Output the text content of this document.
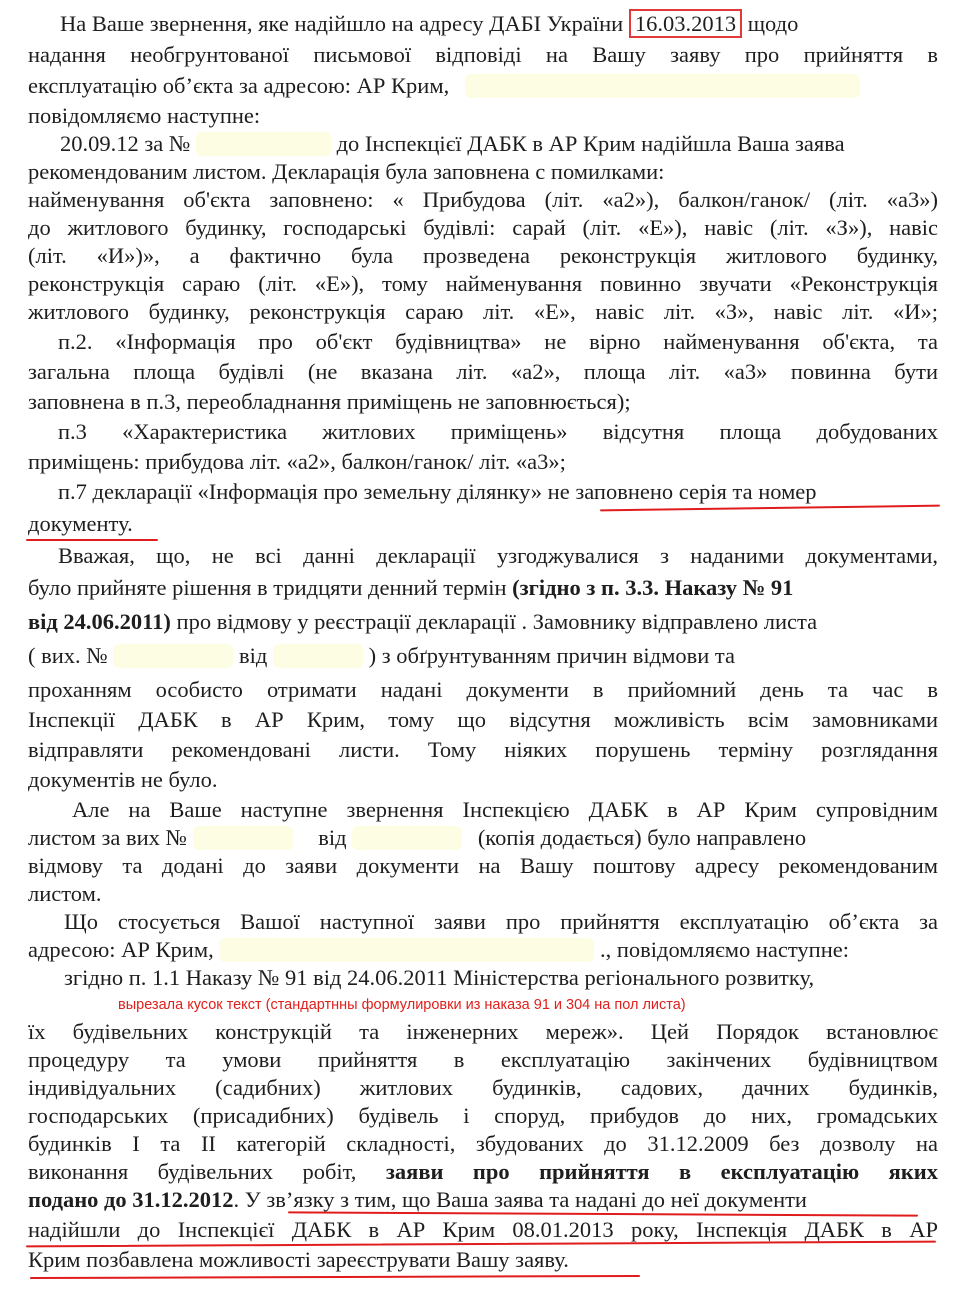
На Ваше звернення, яке надійшло на адресу ДАБІ України 16.03.2013 щодо
надання необгрунтованої письмової відповіді на Вашу заяву про прийняття в
експлуатацію об’єкта за адресою: АР Крим,
повідомляємо наступне:
20.09.12 за №	до Інспекцієї ДАБК в АР Крим надійшла Ваша заява
рекомендованим листом. Декларація була заповнена с помилками:
найменування об'єкта заповнено: « Прибудова (літ. «а2»), балкон/ганок/ (літ. «а3»)
до житлового будинку, господарські будівлі: сарай (літ. «Е»), навіс (літ. «З»), навіс
(літ. «И»)», а фактично була прозведена реконструкція житлового будинку,
реконструкція сараю (літ. «Е»), тому найменування повинно звучати «Реконструкція
житлового будинку, реконструкція сараю літ. «Е», навіс літ. «З», навіс літ. «И»;
п.2. «Інформація про об'єкт будівництва» не вірно найменування об'єкта, та
загальна площа будівлі (не вказана літ. «а2», площа літ. «а3» повинна бути
заповнена в п.3, переобладнання приміщень не заповнюється);
п.3 «Характеристика житлових приміщень» відсутня площа добудованих
приміщень: прибудова літ. «а2», балкон/ганок/ літ. «а3»;
п.7 декларації «Інформація про земельну ділянку» не заповнено серія та номер
документу.
Вважая, що, не всі данні декларації узгоджувалися з наданими документами,
було прийняте рішення в тридцяти денний термін (згідно з п. 3.3. Наказу № 91
від 24.06.2011) про відмову у реєстрації декларації . Замовнику відправлено листа
( вих. №	від	) з обґрунтуванням причин відмови та
проханням особисто отримати надані документи в прийомний день та час в
Інспекції ДАБК в АР Крим, тому що відсутня можливість всім замовниками
відправляти рекомендовані листи. Тому ніяких порушень терміну розглядання
документів не було.
Але на Ваше наступне звернення Інспекцією ДАБК в АР Крим супровідним
листом за вих №	від	(копія додається) було направлено
відмову та додані до заяви документи на Вашу поштову адресу рекомендованим
листом.
Що стосується Вашої наступної заяви про прийняття експлуатацію об’єкта за
адресою: АР Крим,	., повідомляємо наступне:
згідно п. 1.1 Наказу № 91 від 24.06.2011 Міністерства регіонального розвитку,
вырезала кусок текст (стандартнны формулировки из наказа 91 и 304 на пол листа)
їх будівельних конструкцій та інженерних мереж». Цей Порядок встановлює
процедуру та умови прийняття в експлуатацію закінчених будівництвом
індивідуальних (садибних) житлових будинків, садових, дачних будинків,
господарських (присадибних) будівель і споруд, прибудов до них, громадських
будинків І та ІІ категорій складності, збудованих до 31.12.2009 без дозволу на
виконання будівельних робіт, заяви про прийняття в експлуатацію яких
подано до 31.12.2012. У зв’язку з тим, що Ваша заява та надані до неї документи
надійшли до Інспекцієї ДАБК в АР Крим 08.01.2013 року, Інспекція ДАБК в АР
Крим позбавлена можливості зареєструвати Вашу заяву.
